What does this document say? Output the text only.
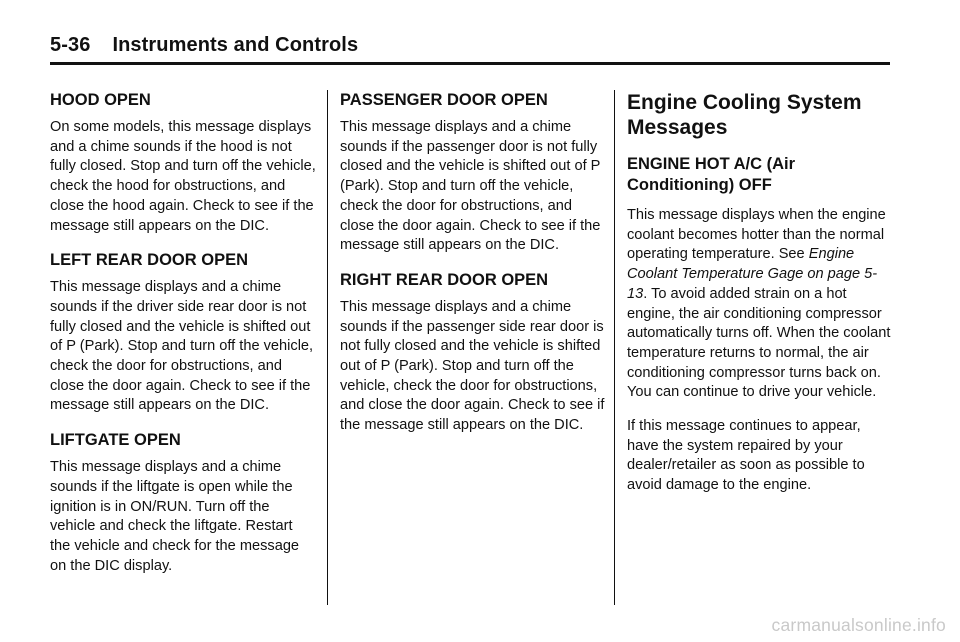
5-36 Instruments and Controls
HOOD OPEN

On some models, this message displays and a chime sounds if the hood is not fully closed. Stop and turn off the vehicle, check the hood for obstructions, and close the hood again. Check to see if the message still appears on the DIC.

LEFT REAR DOOR OPEN

This message displays and a chime sounds if the driver side rear door is not fully closed and the vehicle is shifted out of P (Park). Stop and turn off the vehicle, check the door for obstructions, and close the door again. Check to see if the message still appears on the DIC.

LIFTGATE OPEN

This message displays and a chime sounds if the liftgate is open while the ignition is in ON/RUN. Turn off the vehicle and check the liftgate. Restart the vehicle and check for the message on the DIC display.

PASSENGER DOOR OPEN

This message displays and a chime sounds if the passenger door is not fully closed and the vehicle is shifted out of P (Park). Stop and turn off the vehicle, check the door for obstructions, and close the door again. Check to see if the message still appears on the DIC.

RIGHT REAR DOOR OPEN

This message displays and a chime sounds if the passenger side rear door is not fully closed and the vehicle is shifted out of P (Park). Stop and turn off the vehicle, check the door for obstructions, and close the door again. Check to see if the message still appears on the DIC.

Engine Cooling System Messages
ENGINE HOT A/C (Air Conditioning) OFF

This message displays when the engine coolant becomes hotter than the normal operating temperature. See Engine Coolant Temperature Gage on page 5-13. To avoid added strain on a hot engine, the air conditioning compressor automatically turns off. When the coolant temperature returns to normal, the air conditioning compressor turns back on. You can continue to drive your vehicle.

If this message continues to appear, have the system repaired by your dealer/retailer as soon as possible to avoid damage to the engine.

carmanualsonline.info
